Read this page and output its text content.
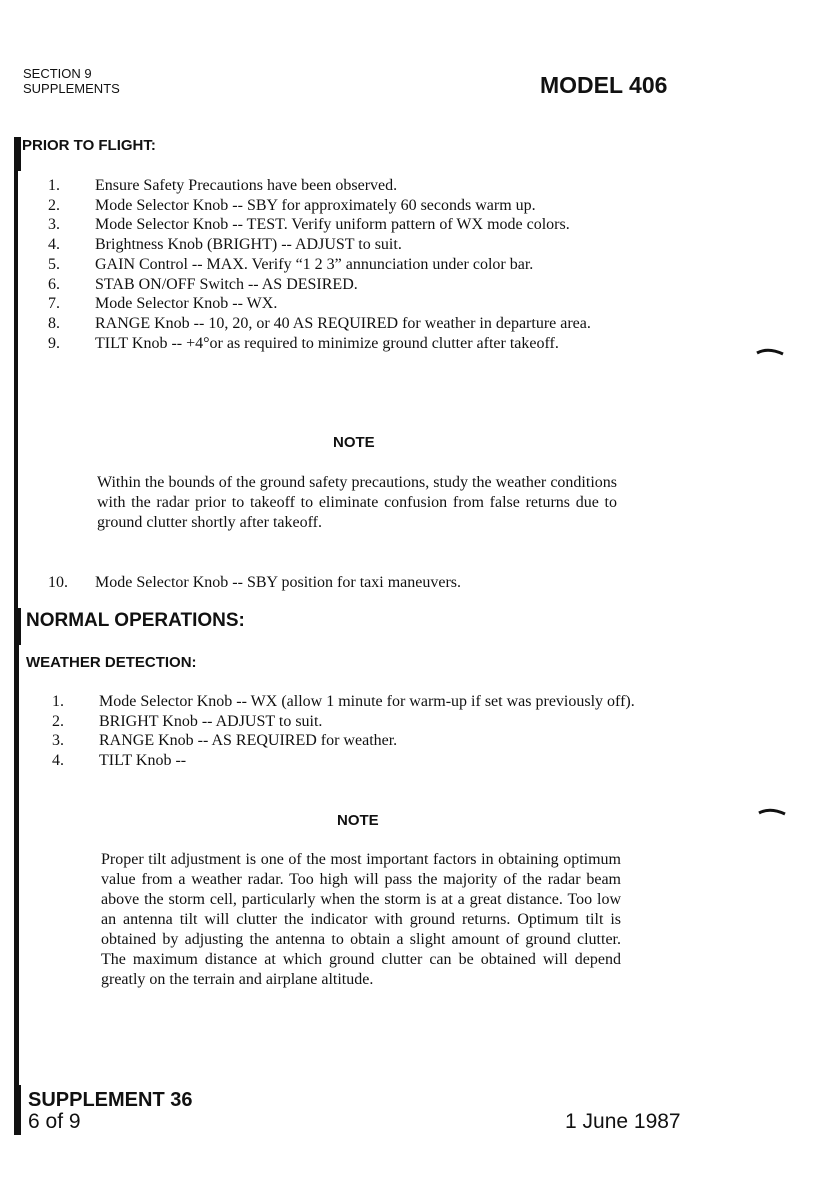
SECTION 9
SUPPLEMENTS	MODEL 406
PRIOR TO FLIGHT:
1.	Ensure Safety Precautions have been observed.
2.	Mode Selector Knob -- SBY for approximately 60 seconds warm up.
3.	Mode Selector Knob -- TEST. Verify uniform pattern of WX mode colors.
4.	Brightness Knob (BRIGHT) -- ADJUST to suit.
5.	GAIN Control -- MAX. Verify “1 2 3” annunciation under color bar.
6.	STAB ON/OFF Switch -- AS DESIRED.
7.	Mode Selector Knob -- WX.
8.	RANGE Knob -- 10, 20, or 40 AS REQUIRED for weather in departure area.
9.	TILT Knob -- +4°or as required to minimize ground clutter after takeoff.
NOTE
Within the bounds of the ground safety precautions, study the weather conditions with the radar prior to takeoff to eliminate confusion from false returns due to ground clutter shortly after takeoff.
10.	Mode Selector Knob -- SBY position for taxi maneuvers.
NORMAL OPERATIONS:
WEATHER DETECTION:
1.	Mode Selector Knob -- WX (allow 1 minute for warm-up if set was previously off).
2.	BRIGHT Knob -- ADJUST to suit.
3.	RANGE Knob -- AS REQUIRED for weather.
4.	TILT Knob --
NOTE
Proper tilt adjustment is one of the most important factors in obtaining optimum value from a weather radar. Too high will pass the majority of the radar beam above the storm cell, particularly when the storm is at a great distance. Too low an antenna tilt will clutter the indicator with ground returns. Optimum tilt is obtained by adjusting the antenna to obtain a slight amount of ground clutter. The maximum distance at which ground clutter can be obtained will depend greatly on the terrain and airplane altitude.
SUPPLEMENT 36
6 of 9	1 June 1987
